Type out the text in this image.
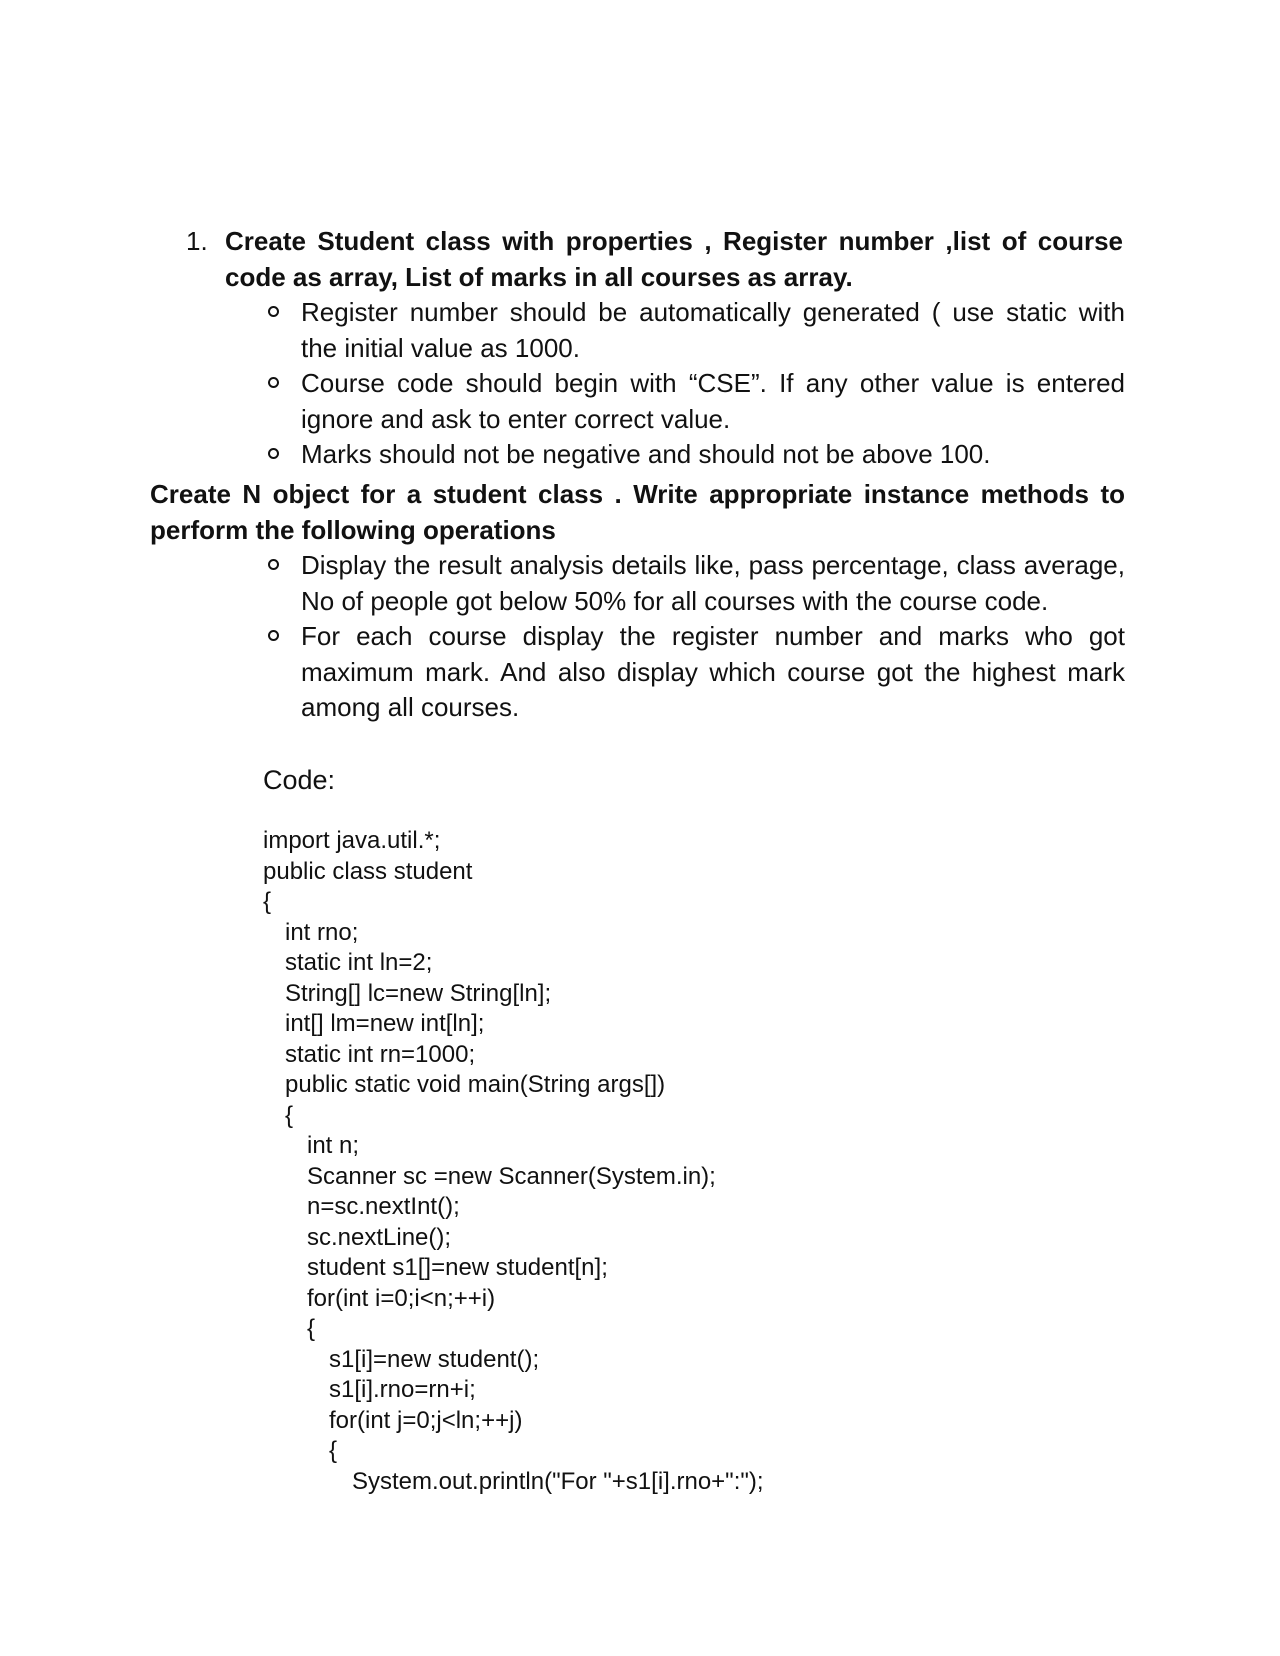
1. Create Student class with properties , Register number ,list of course code as array, List of marks in all courses as array.
Register number should be automatically generated ( use static with the initial value as 1000.
Course code should begin with “CSE”. If any other value is entered ignore and ask to enter correct value.
Marks should not be negative and should not be above 100.
Create N object for a student class . Write appropriate instance methods to perform the following operations
Display the result analysis details like, pass percentage, class average, No of people got below 50% for all courses with the course code.
For each course display the register number and marks who got maximum mark. And also display which course got the highest mark among all courses.
Code:
import java.util.*;
public class student
{
int rno;
static int ln=2;
String[] lc=new String[ln];
int[] lm=new int[ln];
static int rn=1000;
public static void main(String args[])
{
int n;
Scanner sc =new Scanner(System.in);
n=sc.nextInt();
sc.nextLine();
student s1[]=new student[n];
for(int i=0;i<n;++i)
{
s1[i]=new student();
s1[i].rno=rn+i;
for(int j=0;j<ln;++j)
{
System.out.println("For "+s1[i].rno+":");
